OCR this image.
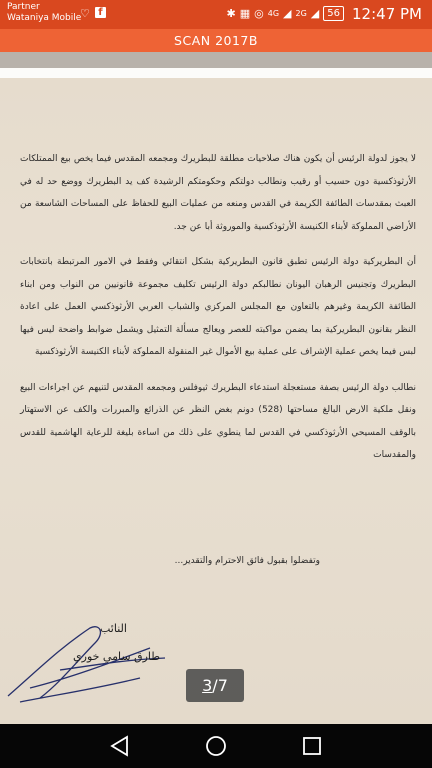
Partner
Wataniya Mobile
♡ f	✱ ▦ ◎ 4G ◢ 2G ◢ 56 12:47 PM
SCAN 2017B

لا يجوز لدولة الرئيس أن يكون هناك صلاحيات مطلقة للبطريرك ومجمعه المقدس فيما يخص بيع الممتلكات الأرثوذكسية دون حسيب أو رقيب ونطالب دولتكم وحكومتكم الرشيدة كف يد البطريرك ووضع حد له في العبث بمقدسات الطائفة الكريمة في القدس ومنعه من عمليات البيع للحفاظ على المساحات الشاسعة من الأراضي المملوكة لأبناء الكنيسة الأرثوذكسية والموروثة أبا عن جد.

أن البطريركية دولة الرئيس تطبق قانون البطريركية بشكل انتقائي وفقط في الامور المرتبطة بانتخابات البطريرك وتجنيس الرهبان اليونان نطالبكم دولة الرئيس تكليف مجموعة قانونيين من النواب ومن ابناء الطائفة الكريمة وغيرهم بالتعاون مع المجلس المركزي والشباب العربي الأرثوذكسي العمل على اعادة النظر بقانون البطريركية بما يضمن مواكبته للعصر ويعالج مسألة التمثيل ويشمل ضوابط واضحة ليس فيها لبس فيما يخص عملية الإشراف على عملية بيع الأموال غير المنقولة المملوكة لأبناء الكنيسة الأرثوذكسية

نطالب دولة الرئيس بصفة مستعجلة استدعاء البطريرك ثيوفلس ومجمعه المقدس لتنيهم عن اجراءات البيع ونقل ملكية الارض البالغ مساحتها (528) دونم بغض النظر عن الذرائع والمبررات والكف عن الاستهتار بالوقف المسيحي الأرثوذكسي في القدس لما ينطوي على ذلك من اساءة بليغة للرعاية الهاشمية للقدس والمقدسات

وتفضلوا بقبول فائق الاحترام والتقدير...
النائب
طارق سامي خوري
3/7
